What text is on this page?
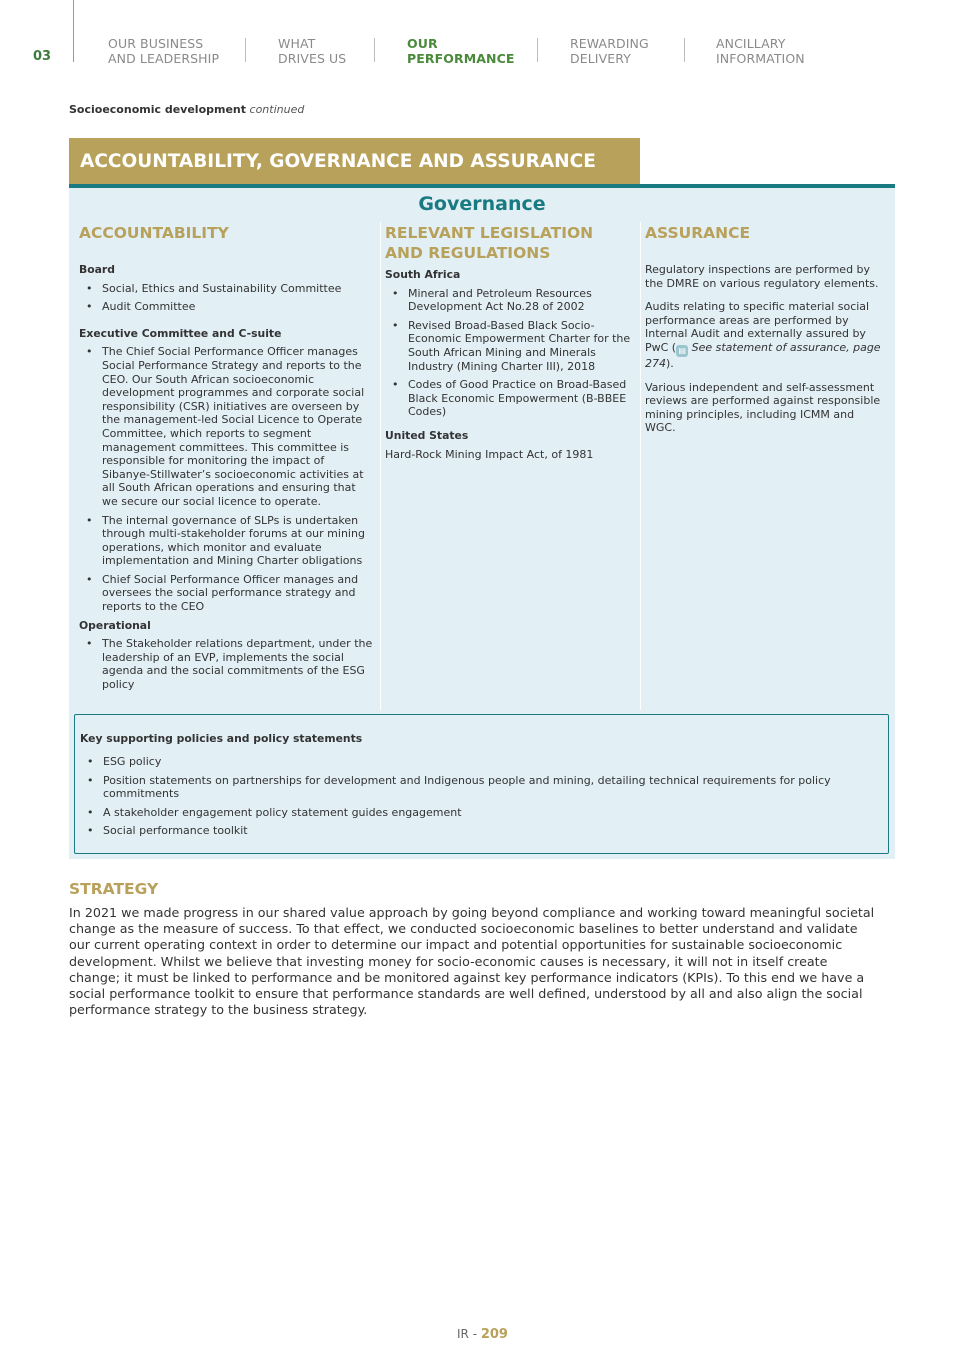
03
OUR BUSINESS
AND LEADERSHIP
WHAT
DRIVES US
OUR
PERFORMANCE
REWARDING
DELIVERY
ANCILLARY
INFORMATION
Socioeconomic development continued
ACCOUNTABILITY, GOVERNANCE AND ASSURANCE
Governance
ACCOUNTABILITY
Board
• Social, Ethics and Sustainability Committee
• Audit Committee
Executive Committee and C-suite
• The Chief Social Performance Officer manages Social Performance Strategy and reports to the CEO. Our South African socioeconomic development programmes and corporate social responsibility (CSR) initiatives are overseen by the management-led Social Licence to Operate Committee, which reports to segment management committees. This committee is responsible for monitoring the impact of Sibanye-Stillwater’s socioeconomic activities at all South African operations and ensuring that we secure our social licence to operate.
• The internal governance of SLPs is undertaken through multi-stakeholder forums at our mining operations, which monitor and evaluate implementation and Mining Charter obligations
• Chief Social Performance Officer manages and oversees the social performance strategy and reports to the CEO
Operational
• The Stakeholder relations department, under the leadership of an EVP, implements the social agenda and the social commitments of the ESG policy
RELEVANT LEGISLATION
AND REGULATIONS
South Africa
• Mineral and Petroleum Resources Development Act No.28 of 2002
• Revised Broad-Based Black Socio-Economic Empowerment Charter for the South African Mining and Minerals Industry (Mining Charter III), 2018
• Codes of Good Practice on Broad-Based Black Economic Empowerment (B-BBEE Codes)
United States

Hard-Rock Mining Impact Act, of 1981

ASSURANCE

Regulatory inspections are performed by the DMRE on various regulatory elements.

Audits relating to specific material social performance areas are performed by Internal Audit and externally assured by PwC ( ▤ See statement of assurance, page 274).

Various independent and self-assessment reviews are performed against responsible mining principles, including ICMM and WGC.

Key supporting policies and policy statements
• ESG policy
• Position statements on partnerships for development and Indigenous people and mining, detailing technical requirements for policy commitments
• A stakeholder engagement policy statement guides engagement
• Social performance toolkit
STRATEGY

In 2021 we made progress in our shared value approach by going beyond compliance and working toward meaningful societal change as the measure of success. To that effect, we conducted socioeconomic baselines to better understand and validate our current operating context in order to determine our impact and potential opportunities for sustainable socioeconomic development. Whilst we believe that investing money for socio-economic causes is necessary, it will not in itself create change; it must be linked to performance and be monitored against key performance indicators (KPIs). To this end we have a social performance toolkit to ensure that performance standards are well defined, understood by all and also align the social performance strategy to the business strategy.

IR - 209
